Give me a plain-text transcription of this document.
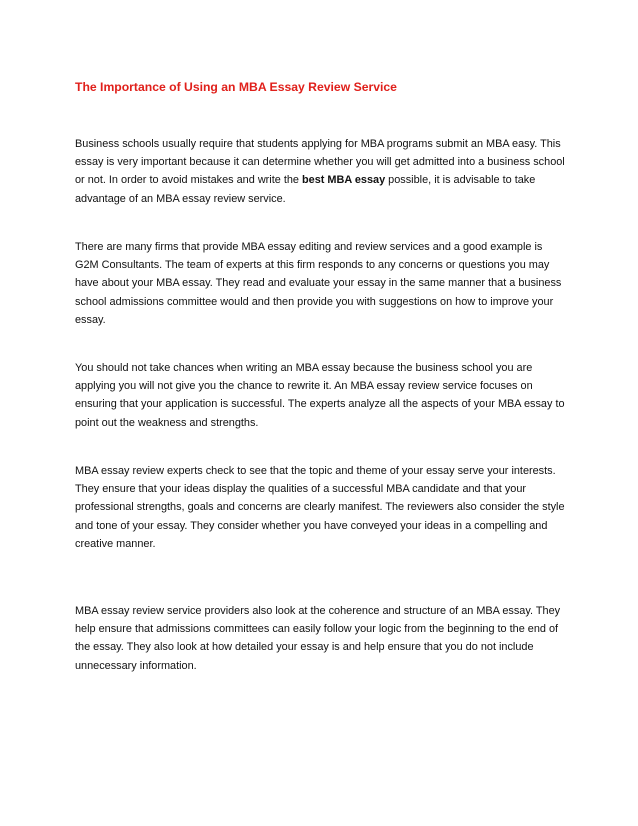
The Importance of Using an MBA Essay Review Service

Business schools usually require that students applying for MBA programs submit an MBA easy. This essay is very important because it can determine whether you will get admitted into a business school or not. In order to avoid mistakes and write the best MBA essay possible, it is advisable to take advantage of an MBA essay review service.

There are many firms that provide MBA essay editing and review services and a good example is G2M Consultants. The team of experts at this firm responds to any concerns or questions you may have about your MBA essay. They read and evaluate your essay in the same manner that a business school admissions committee would and then provide you with suggestions on how to improve your essay.

You should not take chances when writing an MBA essay because the business school you are applying you will not give you the chance to rewrite it. An MBA essay review service focuses on ensuring that your application is successful. The experts analyze all the aspects of your MBA essay to point out the weakness and strengths.

MBA essay review experts check to see that the topic and theme of your essay serve your interests. They ensure that your ideas display the qualities of a successful MBA candidate and that your professional strengths, goals and concerns are clearly manifest. The reviewers also consider the style and tone of your essay. They consider whether you have conveyed your ideas in a compelling and creative manner.

MBA essay review service providers also look at the coherence and structure of an MBA essay. They help ensure that admissions committees can easily follow your logic from the beginning to the end of the essay. They also look at how detailed your essay is and help ensure that you do not include unnecessary information.
